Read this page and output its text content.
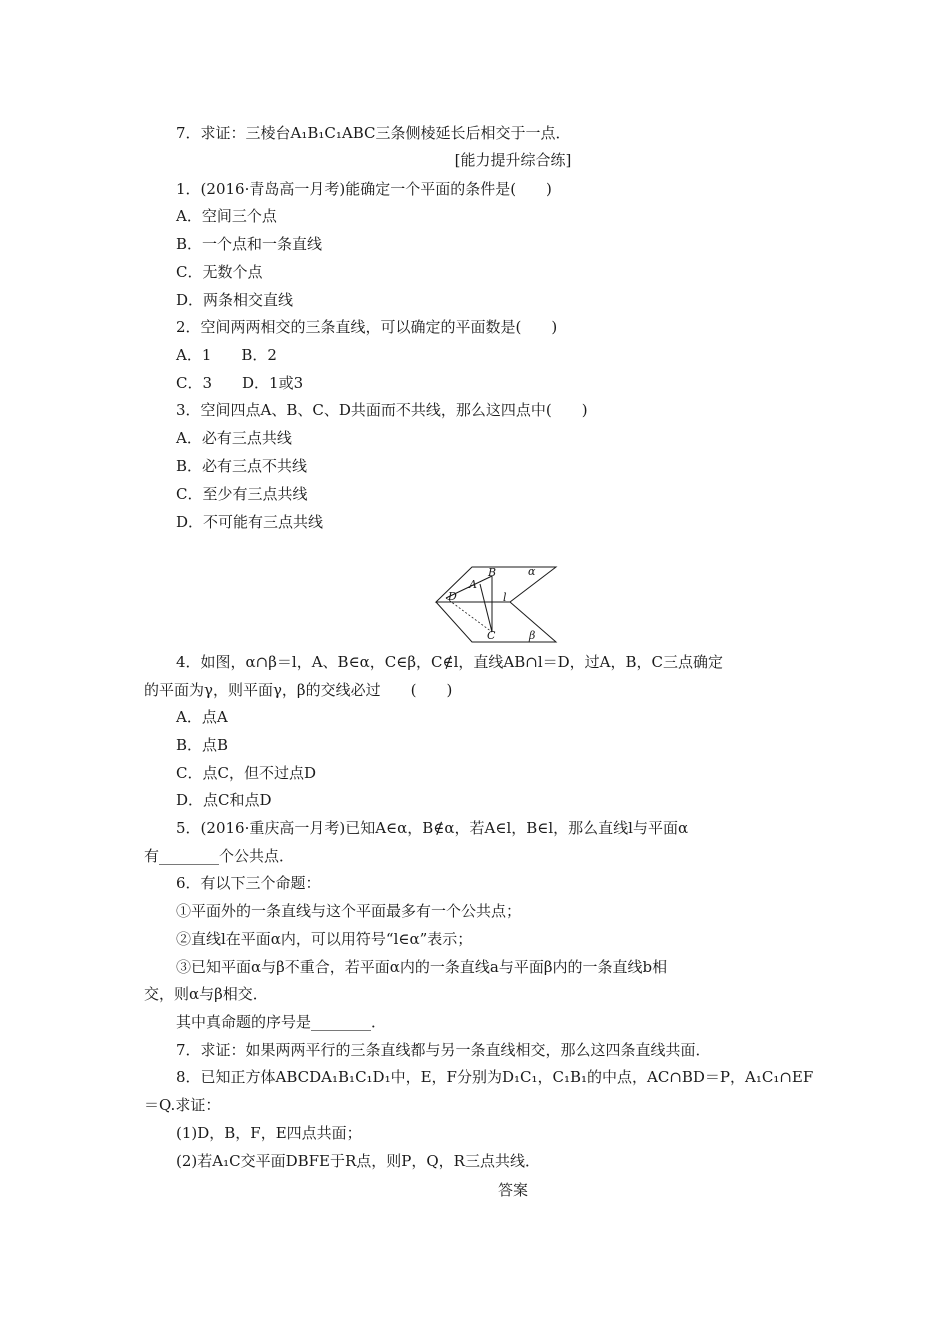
7．求证：三棱台A₁B₁C₁ABC三条侧棱延长后相交于一点．
[能力提升综合练]
1．(2016·青岛高一月考)能确定一个平面的条件是(　　)
A．空间三个点
B．一个点和一条直线
C．无数个点
D．两条相交直线
2．空间两两相交的三条直线，可以确定的平面数是(　　)
A．1　　B．2
C．3　　D．1或3
3．空间四点A、B、C、D共面而不共线，那么这四点中(　　)
A．必有三点共线
B．必有三点不共线
C．至少有三点共线
D．不可能有三点共线
α
B
A
D	l
C	β
4．如图，α∩β＝l，A、B∈α，C∈β，C∉l，直线AB∩l＝D，过A，B，C三点确定
的平面为γ，则平面γ，β的交线必过　　(　　)
A．点A
B．点B
C．点C，但不过点D
D．点C和点D
5．(2016·重庆高一月考)已知A∈α，B∉α，若A∈l，B∈l，那么直线l与平面α
有________个公共点．
6．有以下三个命题：
①平面外的一条直线与这个平面最多有一个公共点；
②直线l在平面α内，可以用符号“l∈α”表示；
③已知平面α与β不重合，若平面α内的一条直线a与平面β内的一条直线b相
交，则α与β相交．
其中真命题的序号是________．
7．求证：如果两两平行的三条直线都与另一条直线相交，那么这四条直线共面．
8．已知正方体ABCDA₁B₁C₁D₁中，E，F分别为D₁C₁，C₁B₁的中点，AC∩BD＝P，A₁C₁∩EF
＝Q.求证：
(1)D，B，F，E四点共面；
(2)若A₁C交平面DBFE于R点，则P，Q，R三点共线．
答案
